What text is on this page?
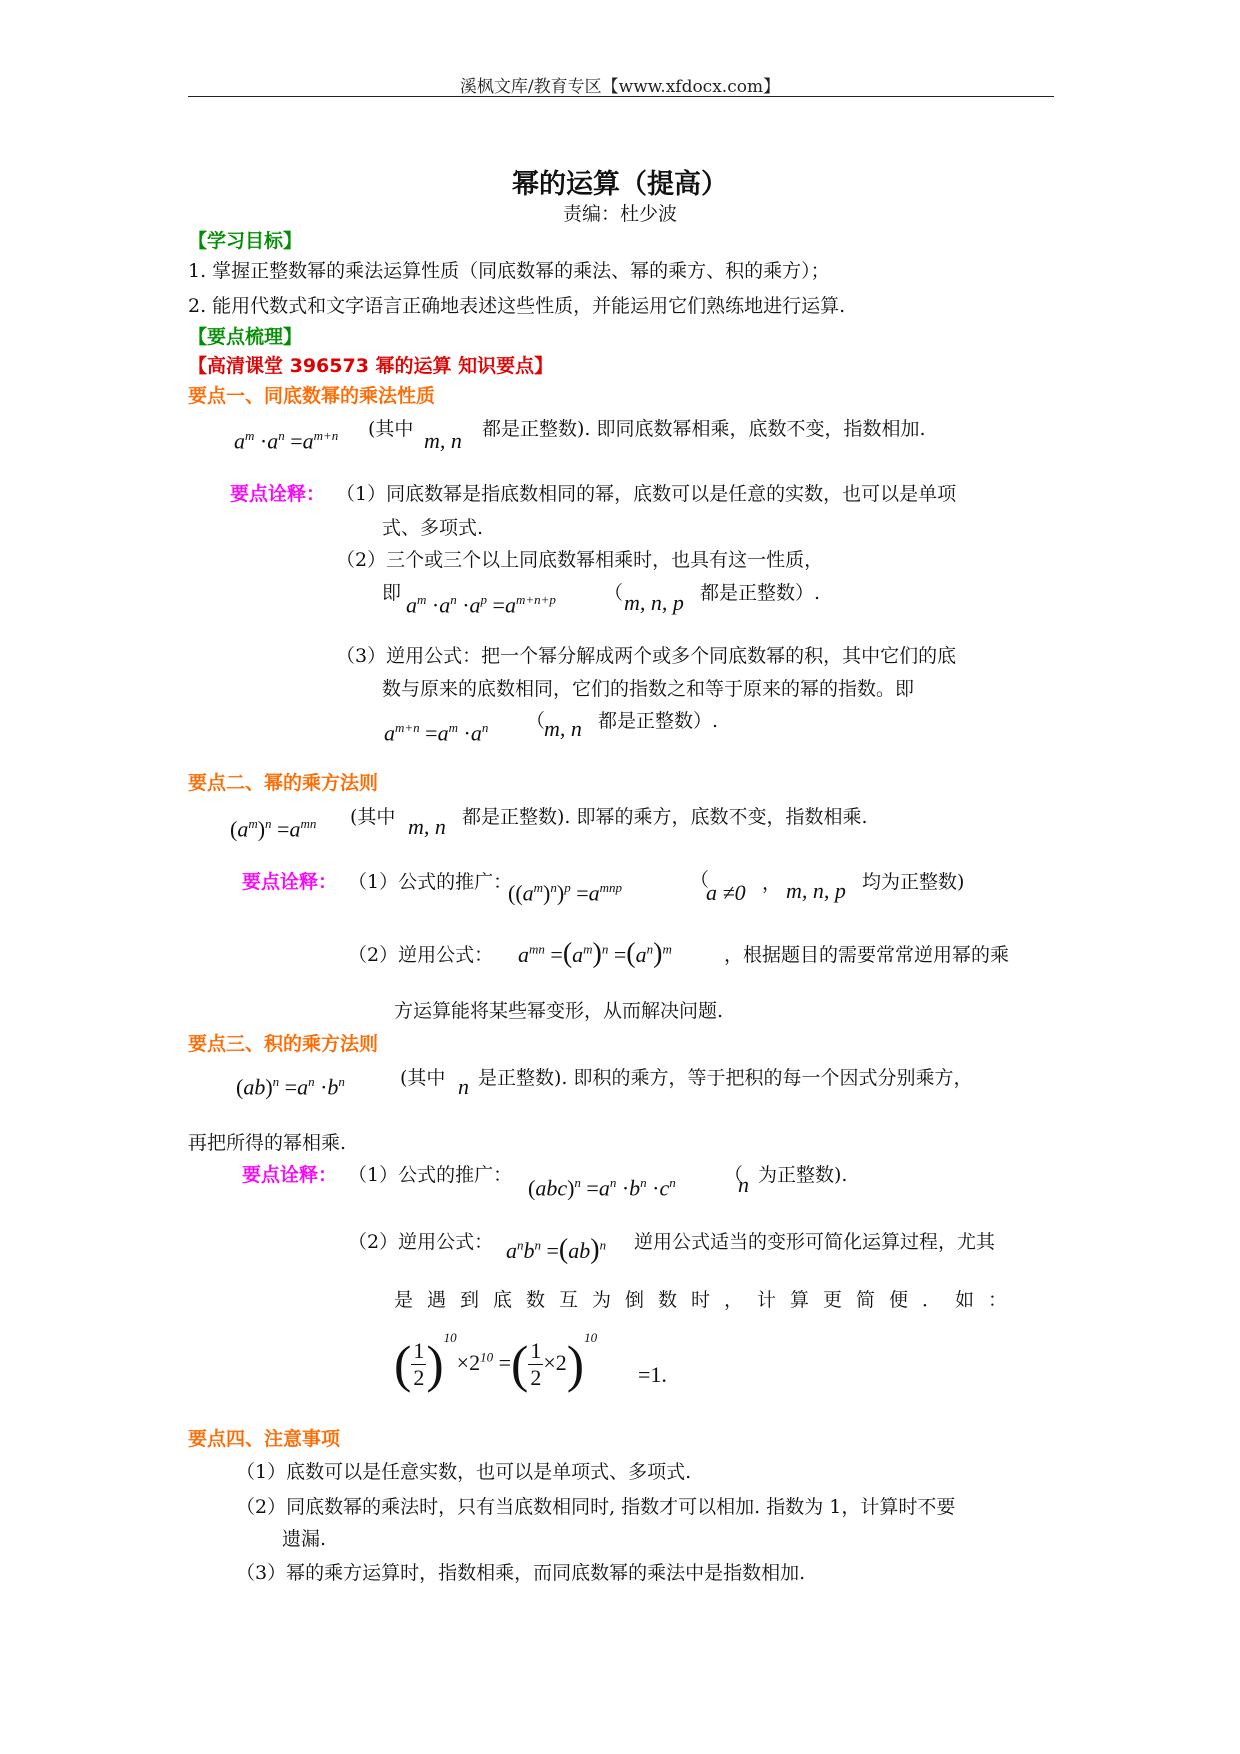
溪枫文库/教育专区【www.xfdocx.com】
幂的运算（提高）
责编：杜少波
【学习目标】
1. 掌握正整数幂的乘法运算性质（同底数幂的乘法、幂的乘方、积的乘方）；
2. 能用代数式和文字语言正确地表述这些性质，并能运用它们熟练地进行运算.
【要点梳理】
【高清课堂 396573 幂的运算 知识要点】
要点一、同底数幂的乘法性质
$a^m \cdot a^n =a^{m+n}$ (其中 m, n 都是正整数). 即同底数幂相乘，底数不变，指数相加.
要点诠释： （1）同底数幂是指底数相同的幂，底数可以是任意的实数，也可以是单项
式、多项式.
（2）三个或三个以上同底数幂相乘时，也具有这一性质，
即 $a^m \cdot a^n \cdot a^p =a^{m+n+p}$	（ m, n, p 都是正整数）.
（3）逆用公式：把一个幂分解成两个或多个同底数幂的积，其中它们的底
数与原来的底数相同，它们的指数之和等于原来的幂的指数。即
$a^{m+n} =a^m \cdot a^n$ （
m, n 都是正整数）.
要点二、幂的乘方法则
$(a^m)^n =a^{mn}$ (其中 m, n 都是正整数). 即幂的乘方，底数不变，指数相乘.
要点诠释： （1）公式的推广：
$((a^m)^n)^p =a^{mnp}$	（
a ≠0 ， m, n, p 均为正整数)
（2）逆用公式： $a^{mn} =(a^m)^n =(a^n)^m$	，根据题目的需要常常逆用幂的乘
方运算能将某些幂变形，从而解决问题.
要点三、积的乘方法则
$(ab)^n =a^n \cdot b^n$	(其中 n 是正整数). 即积的乘方，等于把积的每一个因式分别乘方，
再把所得的幂相乘.
要点诠释： （1）公式的推广：
$(abc)^n =a^n \cdot b^n \cdot c^n$	（
n 为正整数).
（2）逆用公式： $a^nb^n =(ab)^n$ 逆用公式适当的变形可简化运算过程，尤其
是遇到底数互为倒数时，计算更简便．如：
( $\frac{1}{2} )^{10}\times 2^{10}$ =( $\frac{1}{2} \times 2)^{10}$
=1.
要点四、注意事项
（1）底数可以是任意实数，也可以是单项式、多项式.
（2）同底数幂的乘法时，只有当底数相同时, 指数才可以相加. 指数为 1，计算时不要
遗漏.
（3）幂的乘方运算时，指数相乘，而同底数幂的乘法中是指数相加.
